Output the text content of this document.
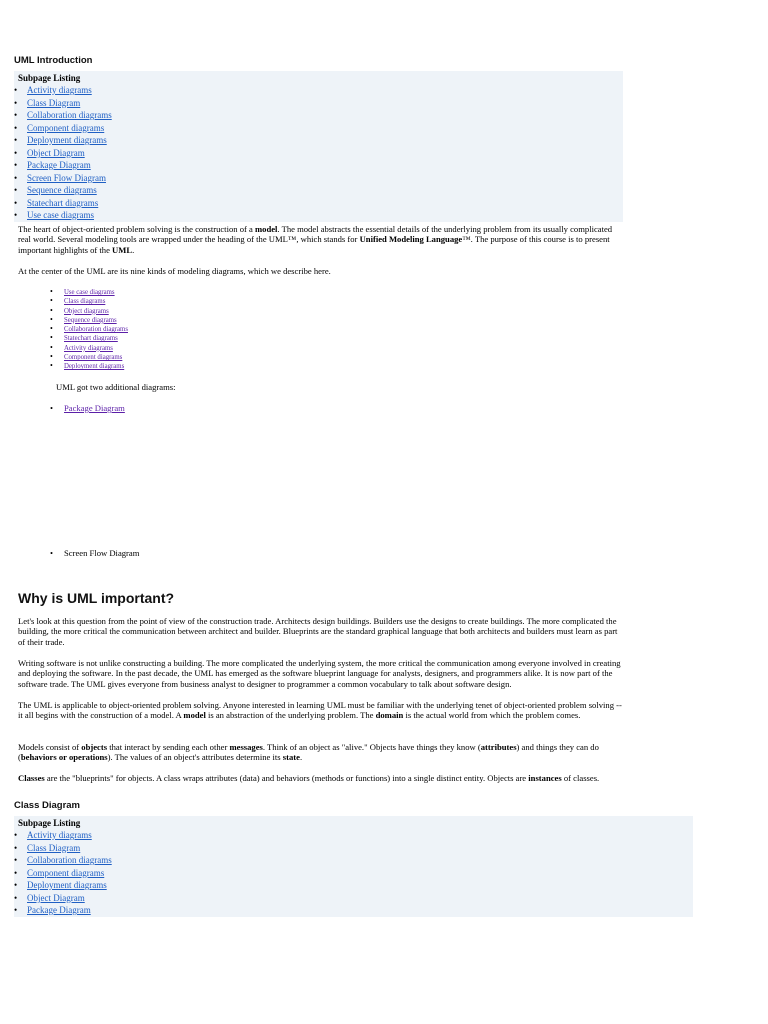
UML Introduction

Subpage Listing

• Activity diagrams
• Class Diagram
• Collaboration diagrams
• Component diagrams
• Deployment diagrams
• Object Diagram
• Package Diagram
• Screen Flow Diagram
• Sequence diagrams
• Statechart diagrams
• Use case diagrams

The heart of object-oriented problem solving is the construction of a model. The model abstracts the essential details of the underlying problem from its usually complicated real world. Several modeling tools are wrapped under the heading of the UML™, which stands for Unified Modeling Language™. The purpose of this course is to present important highlights of the UML.

At the center of the UML are its nine kinds of modeling diagrams, which we describe here.

• Use case diagrams
• Class diagrams
• Object diagrams
• Sequence diagrams
• Collaboration diagrams
• Statechart diagrams
• Activity diagrams
• Component diagrams
• Deployment diagrams
UML got two additional diagrams:
• Package Diagram
• Screen Flow Diagram
Why is UML important?

Let's look at this question from the point of view of the construction trade. Architects design buildings. Builders use the designs to create buildings. The more complicated the building, the more critical the communication between architect and builder. Blueprints are the standard graphical language that both architects and builders must learn as part of their trade.

Writing software is not unlike constructing a building. The more complicated the underlying system, the more critical the communication among everyone involved in creating and deploying the software. In the past decade, the UML has emerged as the software blueprint language for analysts, designers, and programmers alike. It is now part of the software trade. The UML gives everyone from business analyst to designer to programmer a common vocabulary to talk about software design.

The UML is applicable to object-oriented problem solving. Anyone interested in learning UML must be familiar with the underlying tenet of object-oriented problem solving -- it all begins with the construction of a model. A model is an abstraction of the underlying problem. The domain is the actual world from which the problem comes.

Models consist of objects that interact by sending each other messages. Think of an object as "alive." Objects have things they know (attributes) and things they can do (behaviors or operations). The values of an object's attributes determine its state.

Classes are the "blueprints" for objects. A class wraps attributes (data) and behaviors (methods or functions) into a single distinct entity. Objects are instances of classes.

Class Diagram

Subpage Listing

• Activity diagrams
• Class Diagram
• Collaboration diagrams
• Component diagrams
• Deployment diagrams
• Object Diagram
• Package Diagram
